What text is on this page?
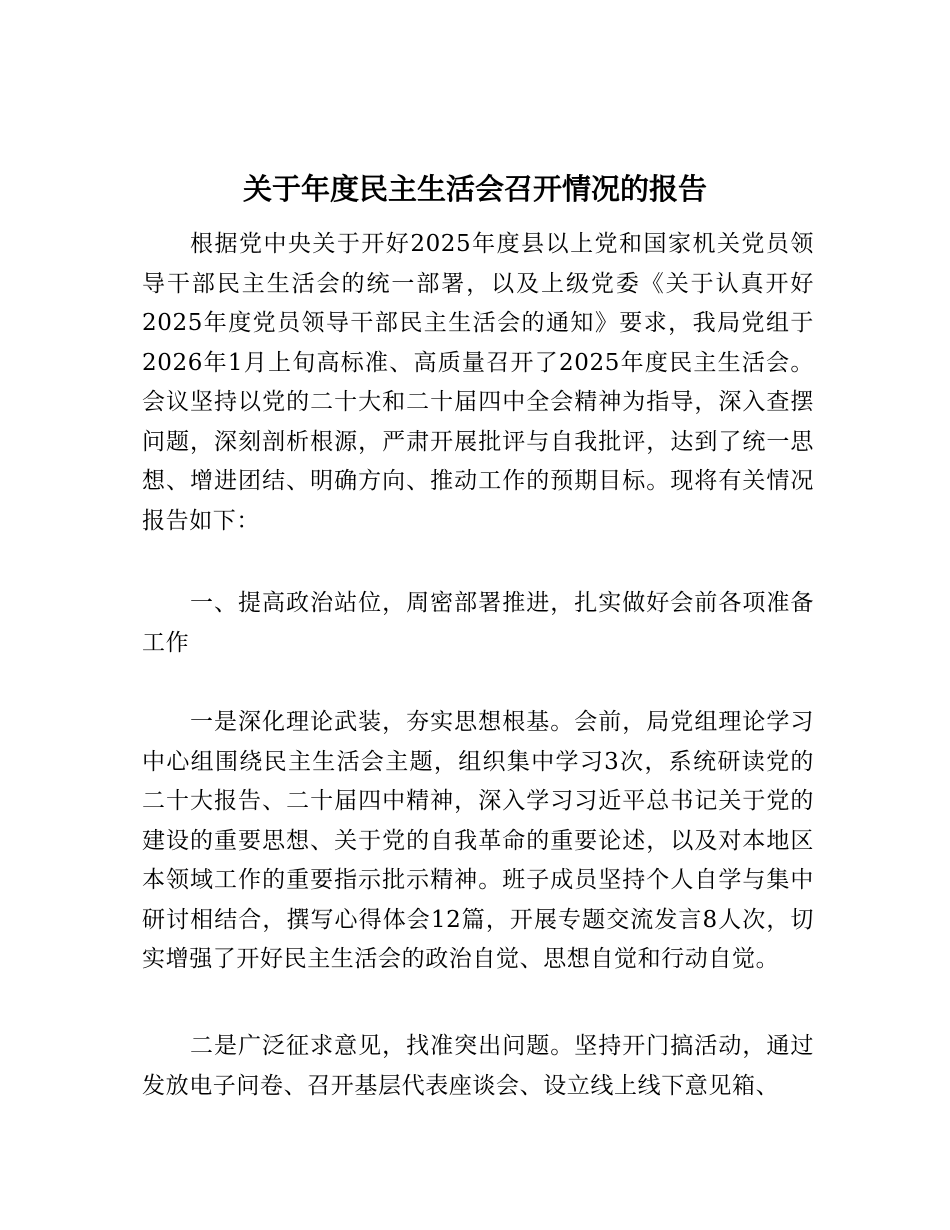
关于年度民主生活会召开情况的报告

根据党中央关于开好2025年度县以上党和国家机关党员领导干部民主生活会的统一部署，以及上级党委《关于认真开好2025年度党员领导干部民主生活会的通知》要求，我局党组于2026年1月上旬高标准、高质量召开了2025年度民主生活会。会议坚持以党的二十大和二十届四中全会精神为指导，深入查摆问题，深刻剖析根源，严肃开展批评与自我批评，达到了统一思想、增进团结、明确方向、推动工作的预期目标。现将有关情况报告如下：

一、提高政治站位，周密部署推进，扎实做好会前各项准备工作

一是深化理论武装，夯实思想根基。会前，局党组理论学习中心组围绕民主生活会主题，组织集中学习3次，系统研读党的二十大报告、二十届四中精神，深入学习习近平总书记关于党的建设的重要思想、关于党的自我革命的重要论述，以及对本地区本领域工作的重要指示批示精神。班子成员坚持个人自学与集中研讨相结合，撰写心得体会12篇，开展专题交流发言8人次，切实增强了开好民主生活会的政治自觉、思想自觉和行动自觉。

二是广泛征求意见，找准突出问题。坚持开门搞活动，通过发放电子问卷、召开基层代表座谈会、设立线上线下意见箱、
